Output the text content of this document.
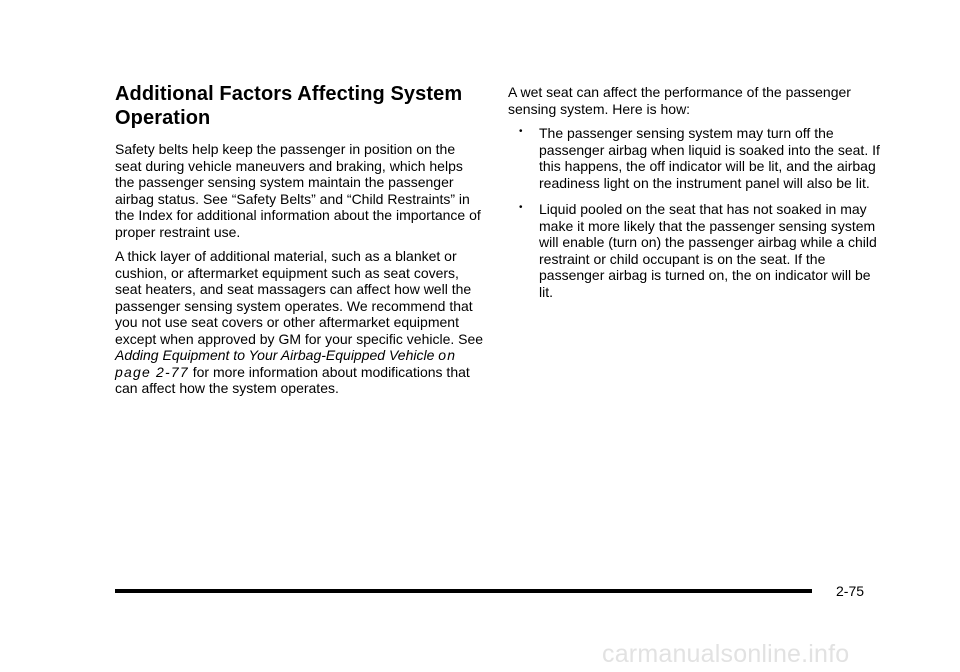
Additional Factors Affecting System Operation

Safety belts help keep the passenger in position on the seat during vehicle maneuvers and braking, which helps the passenger sensing system maintain the passenger airbag status. See “Safety Belts” and “Child Restraints” in the Index for additional information about the importance of proper restraint use.

A thick layer of additional material, such as a blanket or cushion, or aftermarket equipment such as seat covers, seat heaters, and seat massagers can affect how well the passenger sensing system operates. We recommend that you not use seat covers or other aftermarket equipment except when approved by GM for your specific vehicle. See Adding Equipment to Your Airbag-Equipped Vehicle on page 2-77 for more information about modifications that can affect how the system operates.

A wet seat can affect the performance of the passenger sensing system. Here is how:

• The passenger sensing system may turn off the passenger airbag when liquid is soaked into the seat. If this happens, the off indicator will be lit, and the airbag readiness light on the instrument panel will also be lit.
• Liquid pooled on the seat that has not soaked in may make it more likely that the passenger sensing system will enable (turn on) the passenger airbag while a child restraint or child occupant is on the seat. If the passenger airbag is turned on, the on indicator will be lit.
2-75
carmanualsonline.info
